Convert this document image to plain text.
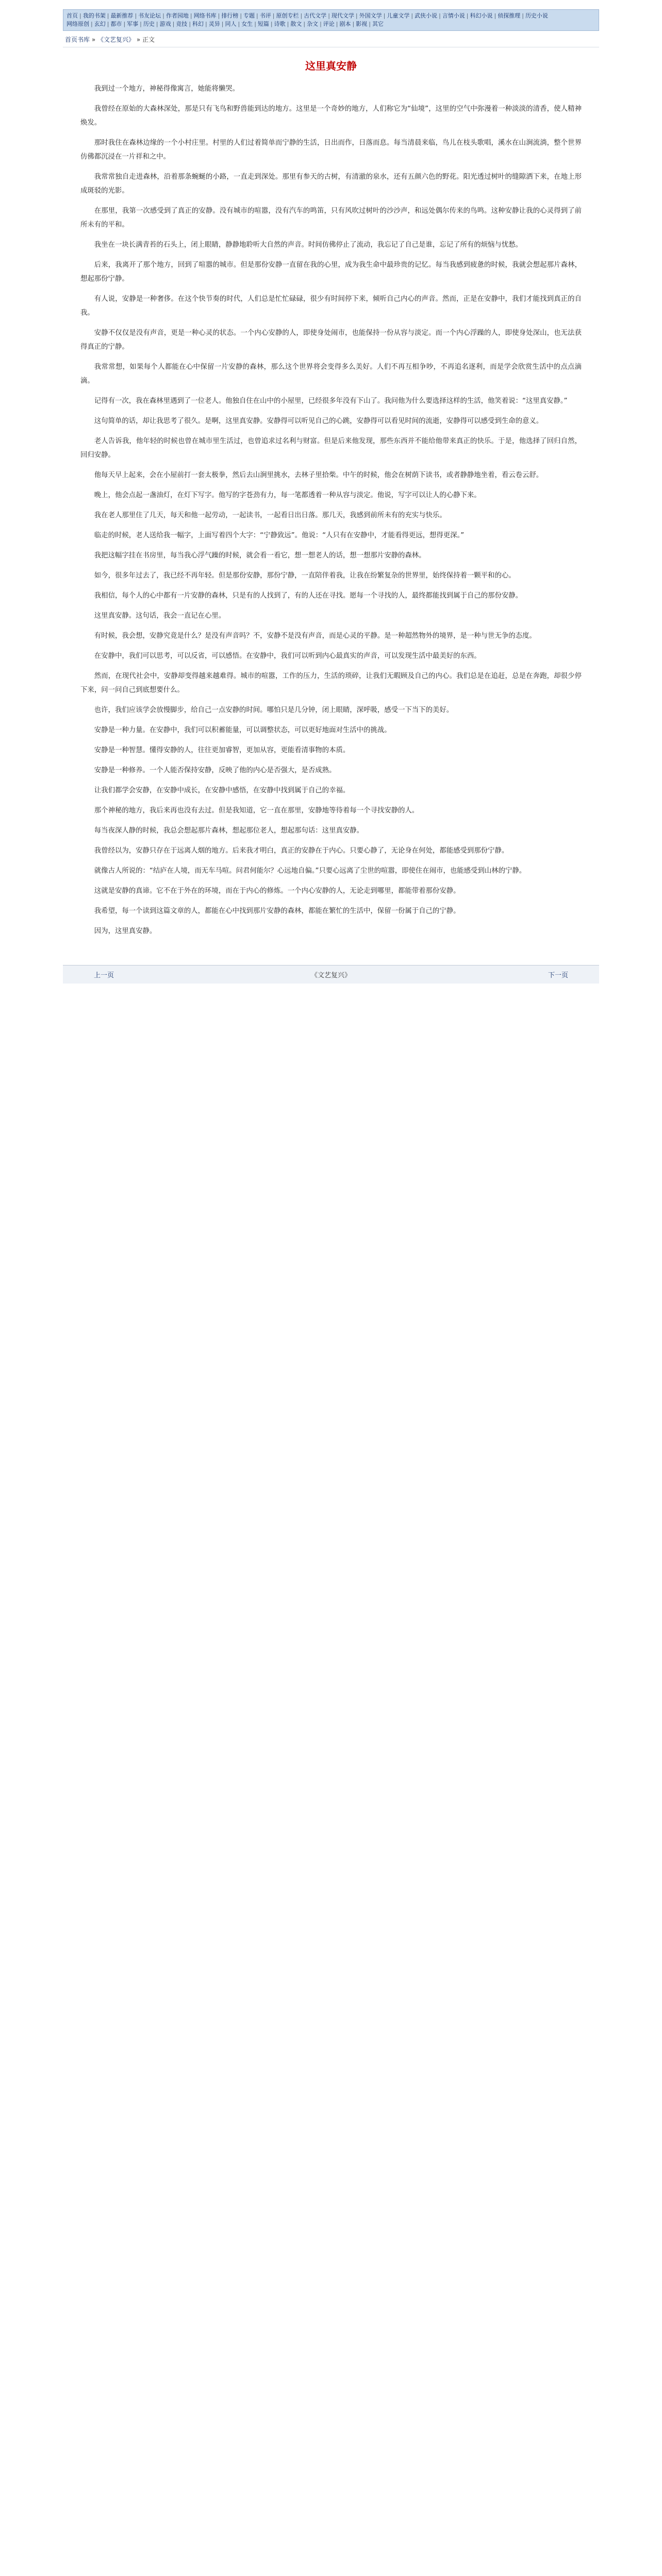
首页 | 我的书架 | 最新推荐 | 书友论坛 | 作者园地 | 网络书库 | 排行榜 | 专题 | 书评 | 原创专栏 | 古代文学 | 现代文学 | 外国文学 | 儿童文学 | 武侠小说 | 言情小说 | 科幻小说 | 侦探推理 | 历史小说
网络原创 | 玄幻 | 都市 | 军事 | 历史 | 游戏 | 竞技 | 科幻 | 灵异 | 同人 | 女生 | 短篇 | 诗歌 | 散文 | 杂文 | 评论 | 剧本 | 影视 | 其它
首页书库 » 《文艺复兴》 » 正文
这里真安静

我到过一个地方，神秘得像寓言，她能将懒哭。

我曾经在原始的大森林深处，那是只有飞鸟和野兽能到达的地方。这里是一个奇妙的地方，人们称它为“仙境”，这里的空气中弥漫着一种淡淡的清香，使人精神焕发。

那时我住在森林边缘的一个小村庄里。村里的人们过着简单而宁静的生活，日出而作，日落而息。每当清晨来临，鸟儿在枝头歌唱，溪水在山涧流淌，整个世界仿佛都沉浸在一片祥和之中。

我常常独自走进森林，沿着那条蜿蜒的小路，一直走到深处。那里有参天的古树，有清澈的泉水，还有五颜六色的野花。阳光透过树叶的缝隙洒下来，在地上形成斑驳的光影。

在那里，我第一次感受到了真正的安静。没有城市的喧嚣，没有汽车的鸣笛，只有风吹过树叶的沙沙声，和远处偶尔传来的鸟鸣。这种安静让我的心灵得到了前所未有的平和。

我坐在一块长满青苔的石头上，闭上眼睛，静静地聆听大自然的声音。时间仿佛停止了流动，我忘记了自己是谁，忘记了所有的烦恼与忧愁。

后来，我离开了那个地方，回到了喧嚣的城市。但是那份安静一直留在我的心里，成为我生命中最珍贵的记忆。每当我感到疲惫的时候，我就会想起那片森林，想起那份宁静。

有人说，安静是一种奢侈。在这个快节奏的时代，人们总是忙忙碌碌，很少有时间停下来，倾听自己内心的声音。然而，正是在安静中，我们才能找到真正的自我。

安静不仅仅是没有声音，更是一种心灵的状态。一个内心安静的人，即使身处闹市，也能保持一份从容与淡定。而一个内心浮躁的人，即使身处深山，也无法获得真正的宁静。

我常常想，如果每个人都能在心中保留一片安静的森林，那么这个世界将会变得多么美好。人们不再互相争吵，不再追名逐利，而是学会欣赏生活中的点点滴滴。

记得有一次，我在森林里遇到了一位老人。他独自住在山中的小屋里，已经很多年没有下山了。我问他为什么要选择这样的生活，他笑着说：“这里真安静。”

这句简单的话，却让我思考了很久。是啊，这里真安静。安静得可以听见自己的心跳，安静得可以看见时间的流逝，安静得可以感受到生命的意义。

老人告诉我，他年轻的时候也曾在城市里生活过，也曾追求过名利与财富。但是后来他发现，那些东西并不能给他带来真正的快乐。于是，他选择了回归自然，回归安静。

他每天早上起来，会在小屋前打一套太极拳，然后去山涧里挑水，去林子里拾柴。中午的时候，他会在树荫下读书，或者静静地坐着，看云卷云舒。

晚上，他会点起一盏油灯，在灯下写字。他写的字苍劲有力，每一笔都透着一种从容与淡定。他说，写字可以让人的心静下来。

我在老人那里住了几天，每天和他一起劳动，一起读书，一起看日出日落。那几天，我感到前所未有的充实与快乐。

临走的时候，老人送给我一幅字，上面写着四个大字：“宁静致远”。他说：“人只有在安静中，才能看得更远，想得更深。”

我把这幅字挂在书房里，每当我心浮气躁的时候，就会看一看它，想一想老人的话，想一想那片安静的森林。

如今，很多年过去了，我已经不再年轻。但是那份安静，那份宁静，一直陪伴着我，让我在纷繁复杂的世界里，始终保持着一颗平和的心。

我相信，每个人的心中都有一片安静的森林，只是有的人找到了，有的人还在寻找。愿每一个寻找的人，最终都能找到属于自己的那份安静。

这里真安静。这句话，我会一直记在心里。

有时候，我会想，安静究竟是什么？是没有声音吗？不，安静不是没有声音，而是心灵的平静。是一种超然物外的境界，是一种与世无争的态度。

在安静中，我们可以思考，可以反省，可以感悟。在安静中，我们可以听到内心最真实的声音，可以发现生活中最美好的东西。

然而，在现代社会中，安静却变得越来越难得。城市的喧嚣，工作的压力，生活的琐碎，让我们无暇顾及自己的内心。我们总是在追赶，总是在奔跑，却很少停下来，问一问自己到底想要什么。

也许，我们应该学会放慢脚步，给自己一点安静的时间。哪怕只是几分钟，闭上眼睛，深呼吸，感受一下当下的美好。

安静是一种力量。在安静中，我们可以积蓄能量，可以调整状态，可以更好地面对生活中的挑战。

安静是一种智慧。懂得安静的人，往往更加睿智，更加从容，更能看清事物的本质。

安静是一种修养。一个人能否保持安静，反映了他的内心是否强大，是否成熟。

让我们都学会安静，在安静中成长，在安静中感悟，在安静中找到属于自己的幸福。

那个神秘的地方，我后来再也没有去过。但是我知道，它一直在那里，安静地等待着每一个寻找安静的人。

每当夜深人静的时候，我总会想起那片森林，想起那位老人，想起那句话：这里真安静。

我曾经以为，安静只存在于远离人烟的地方。后来我才明白，真正的安静在于内心。只要心静了，无论身在何处，都能感受到那份宁静。

就像古人所说的：“结庐在人境，而无车马喧。问君何能尔？心远地自偏。”只要心远离了尘世的喧嚣，即使住在闹市，也能感受到山林的宁静。

这就是安静的真谛。它不在于外在的环境，而在于内心的修炼。一个内心安静的人，无论走到哪里，都能带着那份安静。

我希望，每一个读到这篇文章的人，都能在心中找到那片安静的森林，都能在繁忙的生活中，保留一份属于自己的宁静。

因为，这里真安静。

上一页	《文艺复兴》	下一页
